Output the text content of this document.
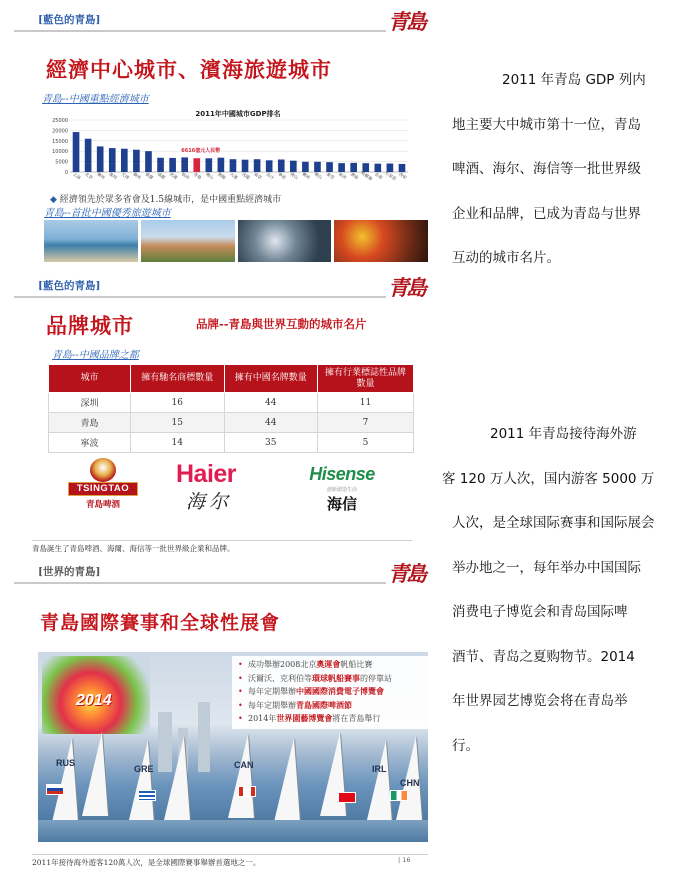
[藍色的青島]	青島
經濟中心城市、濱海旅遊城市
青島--中國重點經濟城市
2011年中國城市GDP排名
25000
20000
15000
10000
5000
0 上海 北京 廣州 深圳 天津 蘇州 重慶 成都 武漢 杭州 青島 佛山 無錫 大連 沈陽 南京 長沙 寧波 唐山 鄭州 煙台 東莞 泉州 濟南 哈爾濱 長春 石家莊 西安
6616億元人民幣
◆ 經濟領先於眾多省會及1.5線城市，是中國重點經濟城市
青島--首批中國優秀旅遊城市
[藍色的青島]	青島
品牌城市	品牌--青島與世界互動的城市名片
青島--中國品牌之都
城市	擁有馳名商標數量	擁有中國名牌數量	擁有行業標誌性品牌數量
深圳	16	44	11
青島	15	44	7
寧波	14	35	5
TSINGTAO
青島啤酒
Haier
海尔
Hisense
創新創造生活
海信
青島誕生了青島啤酒、海爾、海信等一批世界級企業和品牌。
[世界的青島]	青島
青島國際賽事和全球性展會
2014
RUS
GRE	CAN	IRL
CHN
• 成功舉辦2008北京奧運會帆船比賽
• 沃爾沃、克利伯等環球帆船賽事的停靠站
• 每年定期舉辦中國國際消費電子博覽會
• 每年定期舉辦青島國際啤酒節
• 2014年世界園藝博覽會將在青島舉行
2011年接待海外遊客120萬人次，是全球國際賽事舉辦首選地之一。	| 16

2011 年青岛 GDP 列内

地主要大中城市第十一位，青岛

啤酒、海尔、海信等一批世界级

企业和品牌，已成为青岛与世界

互动的城市名片。

2011 年青岛接待海外游

客 120 万人次，国内游客 5000 万

人次，是全球国际赛事和国际展会

举办地之一，每年举办中国国际

消费电子博览会和青岛国际啤

酒节、青岛之夏购物节。2014

年世界园艺博览会将在青岛举

行。
